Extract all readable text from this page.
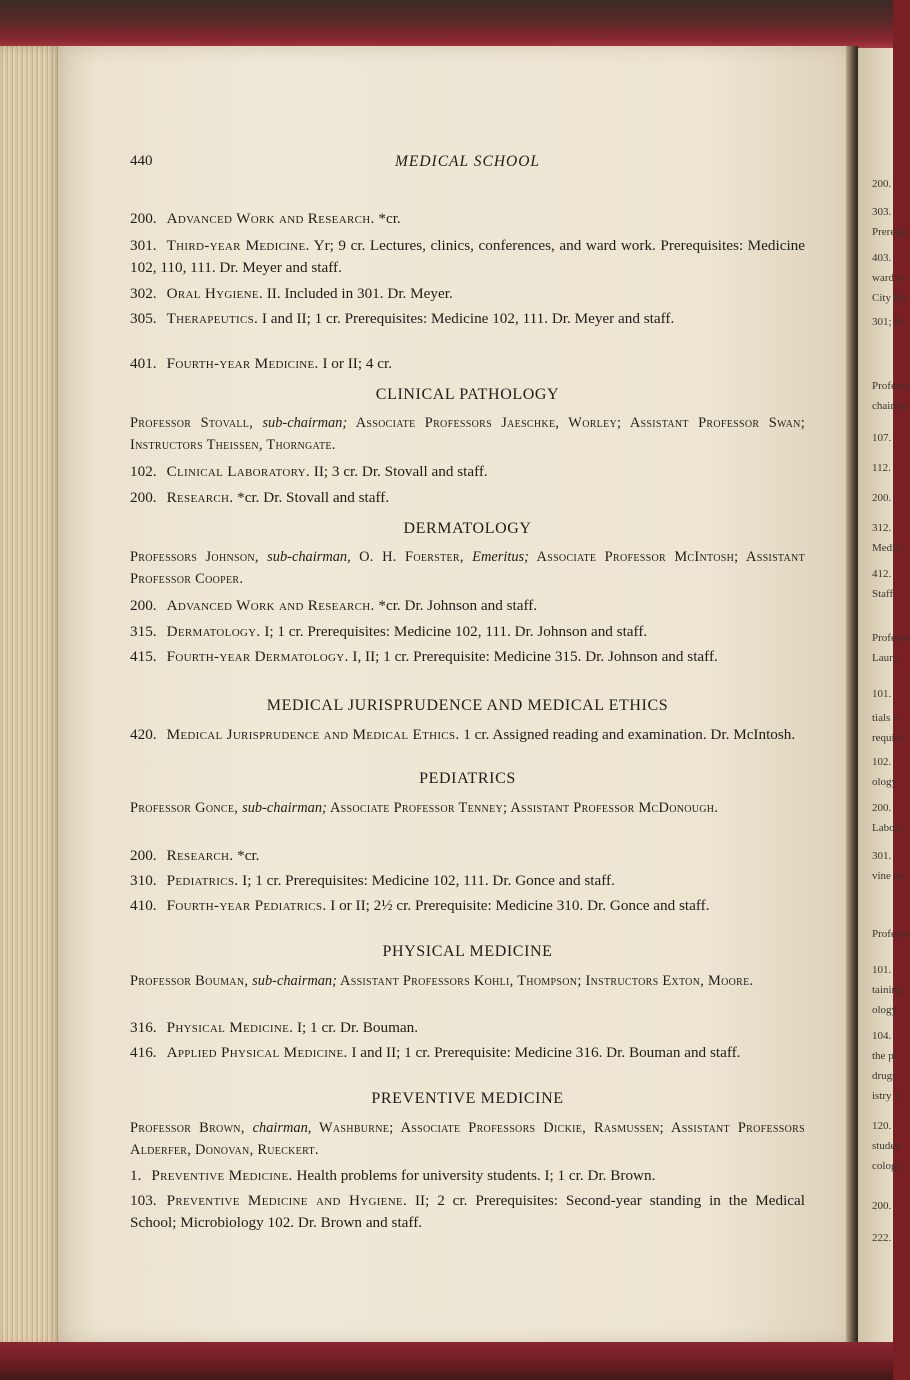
200.
303.
Prerequi
403.
ward w
City Bo
301; Pr
Professo
chairma
107.
112.
200.
312.
Medici
412.
Staff
Professo
Laura
101.
tials o
requisit
102.
ology
200.
Labora
301.
vine an
Professo
101.
taining
ology
104.
the pl
drugs.
istry 1
120.
studen
cology
200.
222.
440	MEDICAL SCHOOL
200. Advanced Work and Research. *cr.
301. Third-year Medicine. Yr; 9 cr. Lectures, clinics, conferences, and ward work. Prerequisites: Medicine 102, 110, 111. Dr. Meyer and staff.
302. Oral Hygiene. II. Included in 301. Dr. Meyer.
305. Therapeutics. I and II; 1 cr. Prerequisites: Medicine 102, 111. Dr. Meyer and staff.
401. Fourth-year Medicine. I or II; 4 cr.
CLINICAL PATHOLOGY
Professor Stovall, sub-chairman; Associate Professors Jaeschke, Worley; Assistant Professor Swan; Instructors Theissen, Thorngate.
102. Clinical Laboratory. II; 3 cr. Dr. Stovall and staff.
200. Research. *cr. Dr. Stovall and staff.
DERMATOLOGY
Professors Johnson, sub-chairman, O. H. Foerster, Emeritus; Associate Professor McIntosh; Assistant Professor Cooper.
200. Advanced Work and Research. *cr. Dr. Johnson and staff.
315. Dermatology. I; 1 cr. Prerequisites: Medicine 102, 111. Dr. Johnson and staff.
415. Fourth-year Dermatology. I, II; 1 cr. Prerequisite: Medicine 315. Dr. Johnson and staff.
MEDICAL JURISPRUDENCE AND MEDICAL ETHICS
420. Medical Jurisprudence and Medical Ethics. 1 cr. Assigned reading and examination. Dr. McIntosh.
PEDIATRICS
Professor Gonce, sub-chairman; Associate Professor Tenney; Assistant Professor McDonough.
200. Research. *cr.
310. Pediatrics. I; 1 cr. Prerequisites: Medicine 102, 111. Dr. Gonce and staff.
410. Fourth-year Pediatrics. I or II; 2½ cr. Prerequisite: Medicine 310. Dr. Gonce and staff.
PHYSICAL MEDICINE
Professor Bouman, sub-chairman; Assistant Professors Kohli, Thompson; Instructors Exton, Moore.
316. Physical Medicine. I; 1 cr. Dr. Bouman.
416. Applied Physical Medicine. I and II; 1 cr. Prerequisite: Medicine 316. Dr. Bouman and staff.
PREVENTIVE MEDICINE
Professor Brown, chairman, Washburne; Associate Professors Dickie, Rasmussen; Assistant Professors Alderfer, Donovan, Rueckert.
1. Preventive Medicine. Health problems for university students. I; 1 cr. Dr. Brown.
103. Preventive Medicine and Hygiene. II; 2 cr. Prerequisites: Second-year standing in the Medical School; Microbiology 102. Dr. Brown and staff.
